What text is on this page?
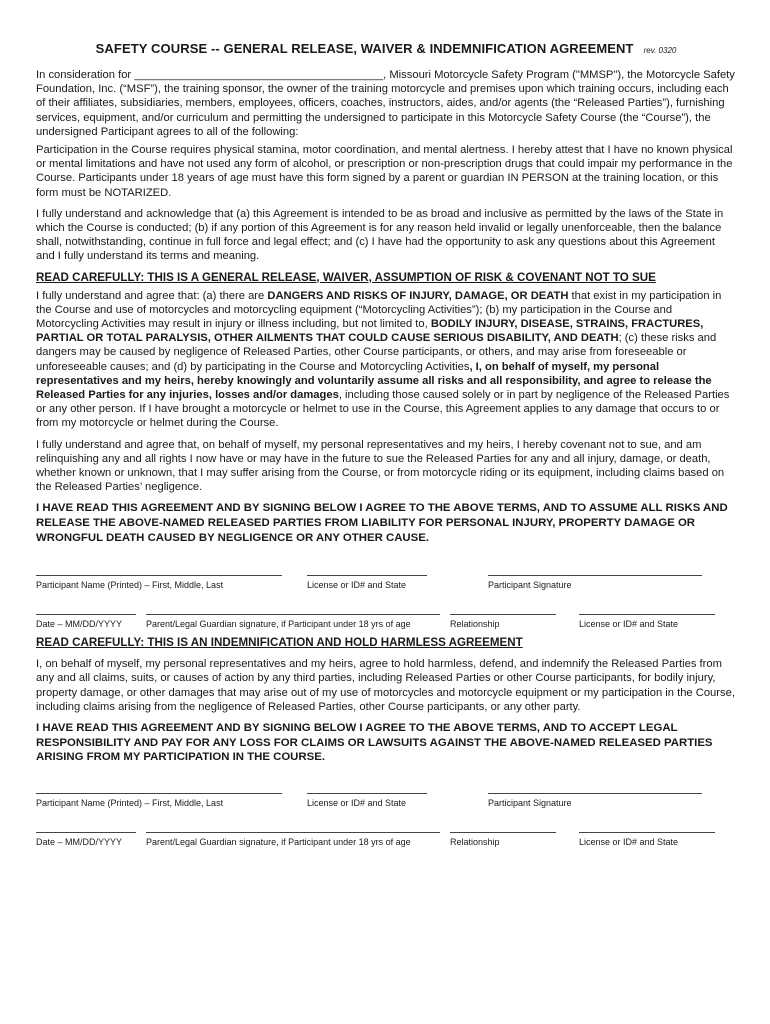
SAFETY COURSE -- GENERAL RELEASE, WAIVER & INDEMNIFICATION AGREEMENT rev. 0320

In consideration for ________________________________________, Missouri Motorcycle Safety Program ("MMSP"), the Motorcycle Safety Foundation, Inc. (“MSF”), the training sponsor, the owner of the training motorcycle and premises upon which training occurs, including each of their affiliates, subsidiaries, members, employees, officers, coaches, instructors, aides, and/or agents (the “Released Parties”), furnishing services, equipment, and/or curriculum and permitting the undersigned to participate in this Motorcycle Safety Course (the “Course”), the undersigned Participant agrees to all of the following:

Participation in the Course requires physical stamina, motor coordination, and mental alertness. I hereby attest that I have no known physical or mental limitations and have not used any form of alcohol, or prescription or non-prescription drugs that could impair my performance in the Course. Participants under 18 years of age must have this form signed by a parent or guardian IN PERSON at the training location, or this form must be NOTARIZED.

I fully understand and acknowledge that (a) this Agreement is intended to be as broad and inclusive as permitted by the laws of the State in which the Course is conducted; (b) if any portion of this Agreement is for any reason held invalid or legally unenforceable, then the balance shall, notwithstanding, continue in full force and legal effect; and (c) I have had the opportunity to ask any questions about this Agreement and I fully understand its terms and meaning.

READ CAREFULLY: THIS IS A GENERAL RELEASE, WAIVER, ASSUMPTION OF RISK & COVENANT NOT TO SUE

I fully understand and agree that: (a) there are DANGERS AND RISKS OF INJURY, DAMAGE, OR DEATH that exist in my participation in the Course and use of motorcycles and motorcycling equipment (“Motorcycling Activities”); (b) my participation in the Course and Motorcycling Activities may result in injury or illness including, but not limited to, BODILY INJURY, DISEASE, STRAINS, FRACTURES, PARTIAL OR TOTAL PARALYSIS, OTHER AILMENTS THAT COULD CAUSE SERIOUS DISABILITY, AND DEATH; (c) these risks and dangers may be caused by negligence of Released Parties, other Course participants, or others, and may arise from foreseeable or unforeseeable causes; and (d) by participating in the Course and Motorcycling Activities, I, on behalf of myself, my personal representatives and my heirs, hereby knowingly and voluntarily assume all risks and all responsibility, and agree to release the Released Parties for any injuries, losses and/or damages, including those caused solely or in part by negligence of the Released Parties or any other person. If I have brought a motorcycle or helmet to use in the Course, this Agreement applies to any damage that occurs to or from my motorcycle or helmet during the Course.

I fully understand and agree that, on behalf of myself, my personal representatives and my heirs, I hereby covenant not to sue, and am relinquishing any and all rights I now have or may have in the future to sue the Released Parties for any and all injury, damage, or death, whether known or unknown, that I may suffer arising from the Course, or from motorcycle riding or its equipment, including claims based on the Released Parties’ negligence.

I HAVE READ THIS AGREEMENT AND BY SIGNING BELOW I AGREE TO THE ABOVE TERMS, AND TO ASSUME ALL RISKS AND RELEASE THE ABOVE-NAMED RELEASED PARTIES FROM LIABILITY FOR PERSONAL INJURY, PROPERTY DAMAGE OR WRONGFUL DEATH CAUSED BY NEGLIGENCE OR ANY OTHER CAUSE.

Participant Name (Printed) – First, Middle, Last	License or ID# and State	Participant Signature
Date – MM/DD/YYYY	Parent/Legal Guardian signature, if Participant under 18 yrs of age	Relationship	License or ID# and State

READ CAREFULLY: THIS IS AN INDEMNIFICATION AND HOLD HARMLESS AGREEMENT

I, on behalf of myself, my personal representatives and my heirs, agree to hold harmless, defend, and indemnify the Released Parties from any and all claims, suits, or causes of action by any third parties, including Released Parties or other Course participants, for bodily injury, property damage, or other damages that may arise out of my use of motorcycles and motorcycle equipment or my participation in the Course, including claims arising from the negligence of Released Parties, other Course participants, or any other party.

I HAVE READ THIS AGREEMENT AND BY SIGNING BELOW I AGREE TO THE ABOVE TERMS, AND TO ACCEPT LEGAL RESPONSIBILITY AND PAY FOR ANY LOSS FOR CLAIMS OR LAWSUITS AGAINST THE ABOVE-NAMED RELEASED PARTIES ARISING FROM MY PARTICIPATION IN THE COURSE.

Participant Name (Printed) – First, Middle, Last	License or ID# and State	Participant Signature
Date – MM/DD/YYYY	Parent/Legal Guardian signature, if Participant under 18 yrs of age	Relationship	License or ID# and State
